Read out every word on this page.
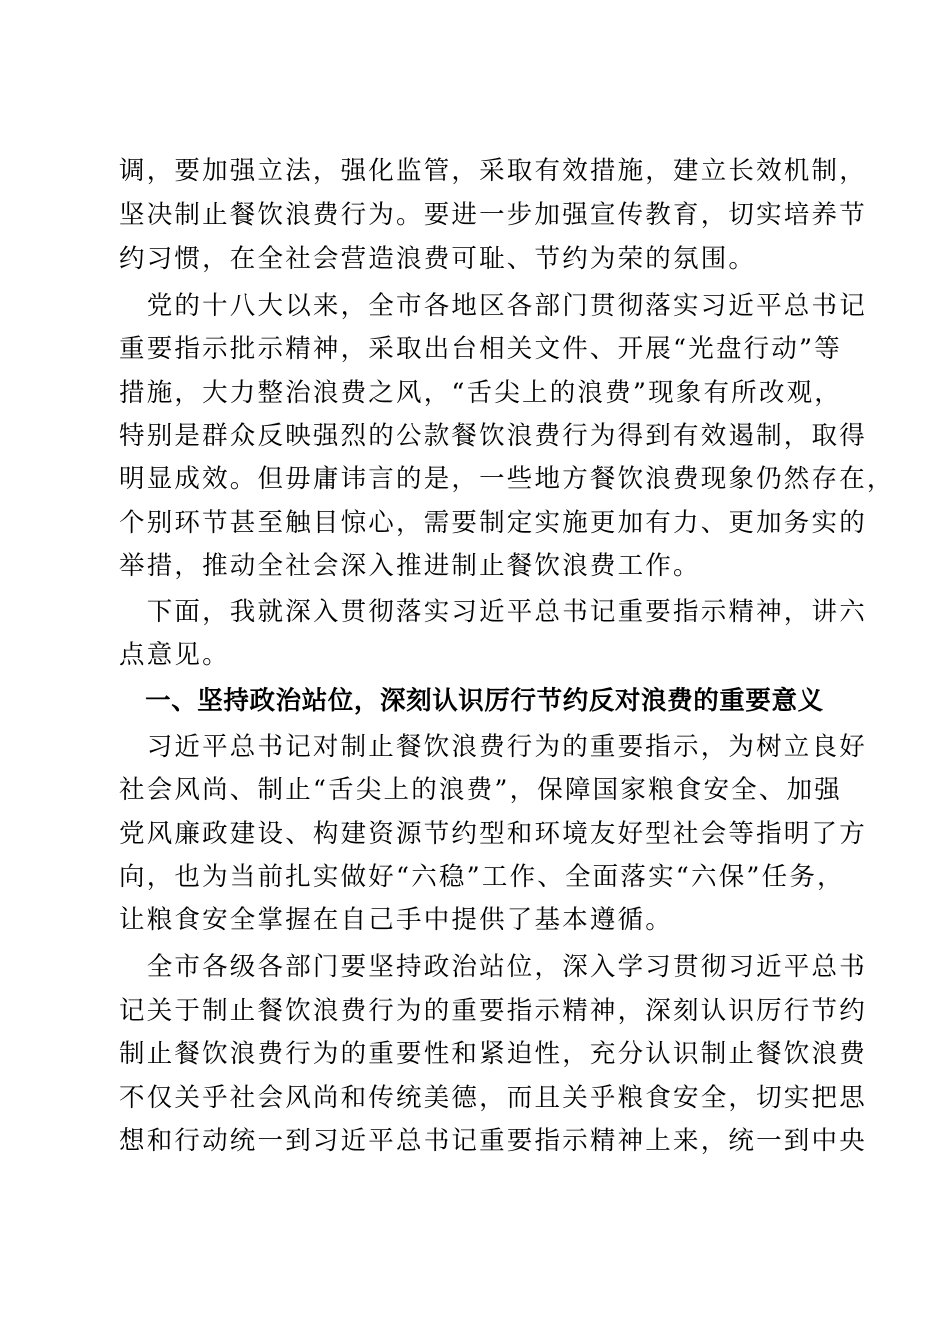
调，要加强立法，强化监管，采取有效措施，建立长效机制，
坚决制止餐饮浪费行为。要进一步加强宣传教育，切实培养节
约习惯，在全社会营造浪费可耻、节约为荣的氛围。
　党的十八大以来，全市各地区各部门贯彻落实习近平总书记
重要指示批示精神，采取出台相关文件、开展“光盘行动”等
措施，大力整治浪费之风，“舌尖上的浪费”现象有所改观，
特别是群众反映强烈的公款餐饮浪费行为得到有效遏制，取得
明显成效。但毋庸讳言的是，一些地方餐饮浪费现象仍然存在，
个别环节甚至触目惊心，需要制定实施更加有力、更加务实的
举措，推动全社会深入推进制止餐饮浪费工作。
　下面，我就深入贯彻落实习近平总书记重要指示精神，讲六
点意见。
　一、坚持政治站位，深刻认识厉行节约反对浪费的重要意义
　习近平总书记对制止餐饮浪费行为的重要指示，为树立良好
社会风尚、制止“舌尖上的浪费”，保障国家粮食安全、加强
党风廉政建设、构建资源节约型和环境友好型社会等指明了方
向，也为当前扎实做好“六稳”工作、全面落实“六保”任务，
让粮食安全掌握在自己手中提供了基本遵循。
　全市各级各部门要坚持政治站位，深入学习贯彻习近平总书
记关于制止餐饮浪费行为的重要指示精神，深刻认识厉行节约
制止餐饮浪费行为的重要性和紧迫性，充分认识制止餐饮浪费
不仅关乎社会风尚和传统美德，而且关乎粮食安全，切实把思
想和行动统一到习近平总书记重要指示精神上来，统一到中央
